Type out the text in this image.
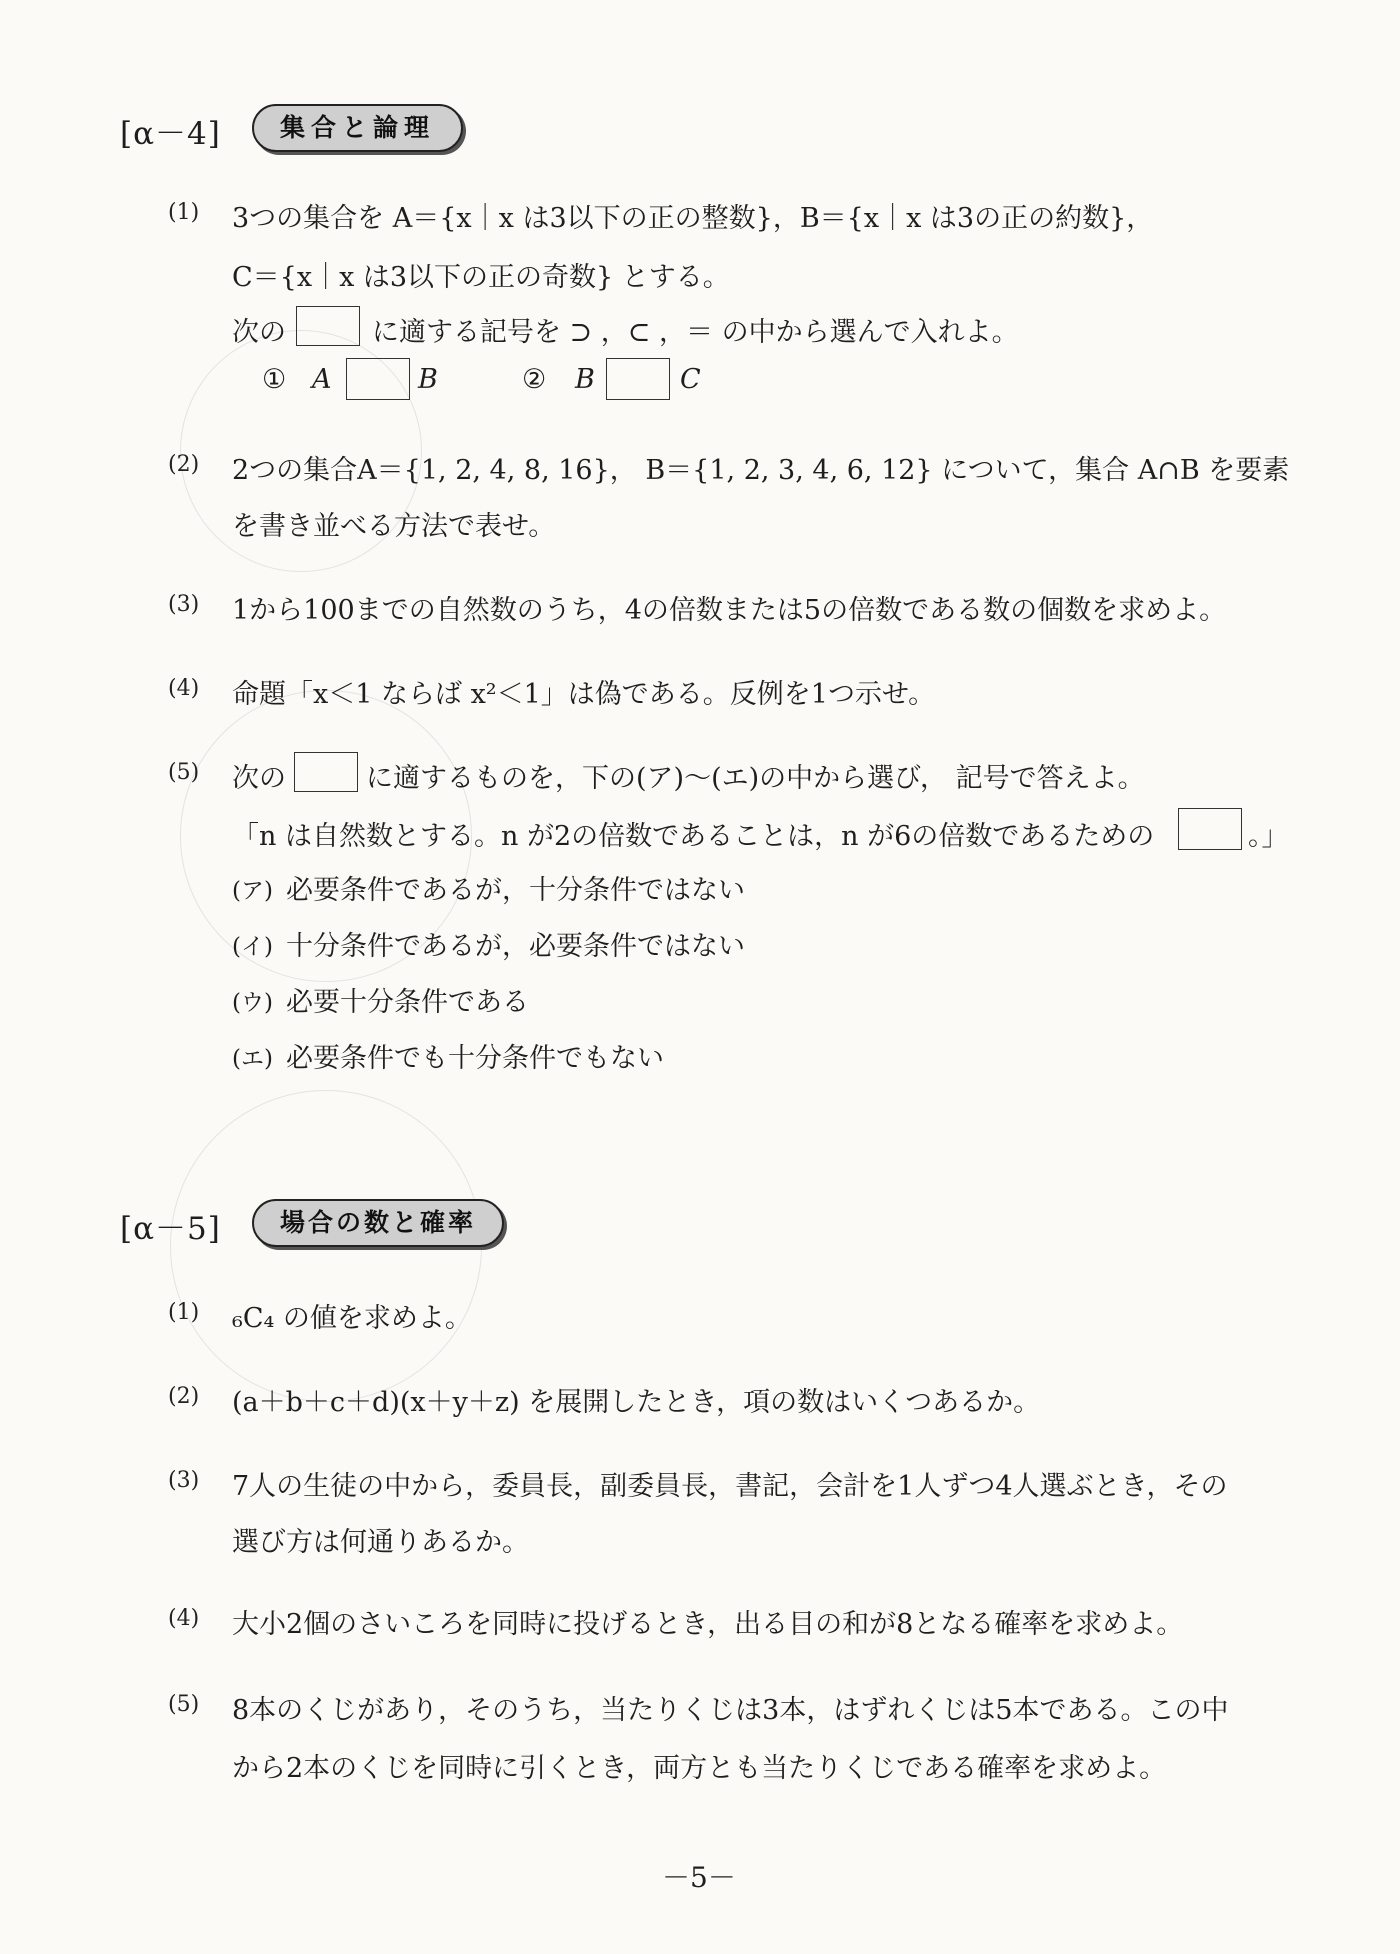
[α－4]	集合と論理
(1) 3つの集合を A＝{x｜x は3以下の正の整数}，B＝{x｜x は3の正の約数}，
C＝{x｜x は3以下の正の奇数} とする。
次の	に適する記号を ⊃ ，⊂ ，＝ の中から選んで入れよ。
① A	B	② B	C
(2) 2つの集合A＝{1, 2, 4, 8, 16}， B＝{1, 2, 3, 4, 6, 12} について，集合 A∩B を要素
を書き並べる方法で表せ。
(3) 1から100までの自然数のうち，4の倍数または5の倍数である数の個数を求めよ。
(4) 命題「x＜1 ならば x²＜1」は偽である。反例を1つ示せ。
(5) 次の	に適するものを，下の(ア)～(エ)の中から選び， 記号で答えよ。
「n は自然数とする。n が2の倍数であることは，n が6の倍数であるための	。」
(ア) 必要条件であるが，十分条件ではない
(イ) 十分条件であるが，必要条件ではない
(ウ) 必要十分条件である
(エ) 必要条件でも十分条件でもない
[α－5]	場合の数と確率
(1) ₆C₄ の値を求めよ。
(2) (a＋b＋c＋d)(x＋y＋z) を展開したとき，項の数はいくつあるか。
(3) 7人の生徒の中から，委員長，副委員長，書記，会計を1人ずつ4人選ぶとき，その
選び方は何通りあるか。
(4) 大小2個のさいころを同時に投げるとき，出る目の和が8となる確率を求めよ。
(5) 8本のくじがあり，そのうち，当たりくじは3本，はずれくじは5本である。この中
から2本のくじを同時に引くとき，両方とも当たりくじである確率を求めよ。
－5－
